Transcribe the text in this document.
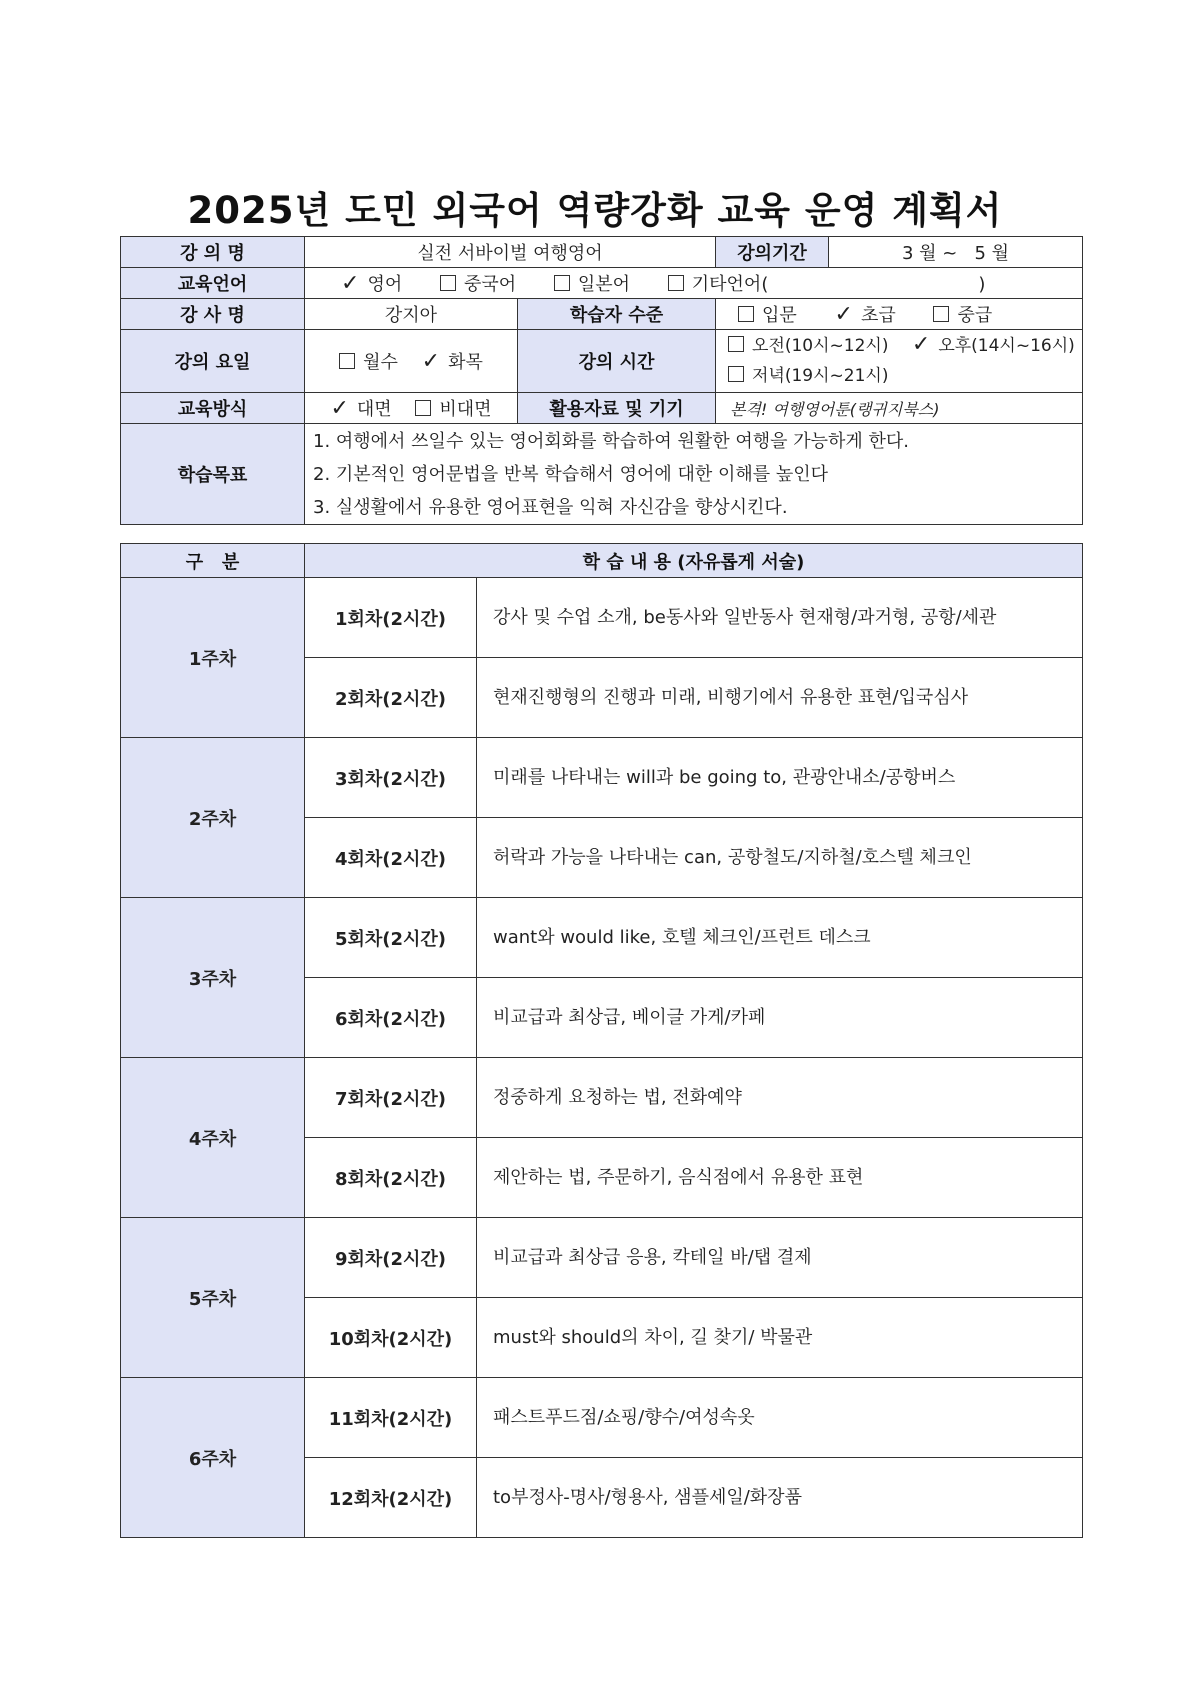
2025년 도민 외국어 역량강화 교육 운영 계획서
강 의 명	실전 서바이벌 여행영어		강의기간	3 월 ~   5 월
교육언어	✓ 영어 중국어 일본어 기타언어( )			
강 사 명	강지아	학습자 수준	입문 ✓ 초급 중급	
강의 요일	월수 ✓ 화목	강의 시간	오전(10시~12시) ✓ 오후(14시~16시)
저녁(19시~21시)	

교육방식	✓ 대면 비대면	활용자료 및 기기	본격! 여행영어툰(랭귀지북스)	
학습목표	1. 여행에서 쓰일수 있는 영어회화를 학습하여 원활한 여행을 가능하게 한다.
2. 기본적인 영어문법을 반복 학습해서 영어에 대한 이해를 높인다
3. 실생활에서 유용한 영어표현을 익혀 자신감을 향상시킨다.			
구   분	학 습 내 용 (자유롭게 서술)	
1주차	1회차(2시간)	강사 및 수업 소개, be동사와 일반동사 현재형/과거형, 공항/세관
	2회차(2시간)	현재진행형의 진행과 미래, 비행기에서 유용한 표현/입국심사
2주차	3회차(2시간)	미래를 나타내는 will과 be going to, 관광안내소/공항버스
	4회차(2시간)	허락과 가능을 나타내는 can, 공항철도/지하철/호스텔 체크인
3주차	5회차(2시간)	want와 would like, 호텔 체크인/프런트 데스크
	6회차(2시간)	비교급과 최상급, 베이글 가게/카페
4주차	7회차(2시간)	정중하게 요청하는 법, 전화예약
	8회차(2시간)	제안하는 법, 주문하기, 음식점에서 유용한 표현
5주차	9회차(2시간)	비교급과 최상급 응용, 칵테일 바/탭 결제
	10회차(2시간)	must와 should의 차이, 길 찾기/ 박물관
6주차	11회차(2시간)	패스트푸드점/쇼핑/향수/여성속옷
	12회차(2시간)	to부정사-명사/형용사, 샘플세일/화장품
